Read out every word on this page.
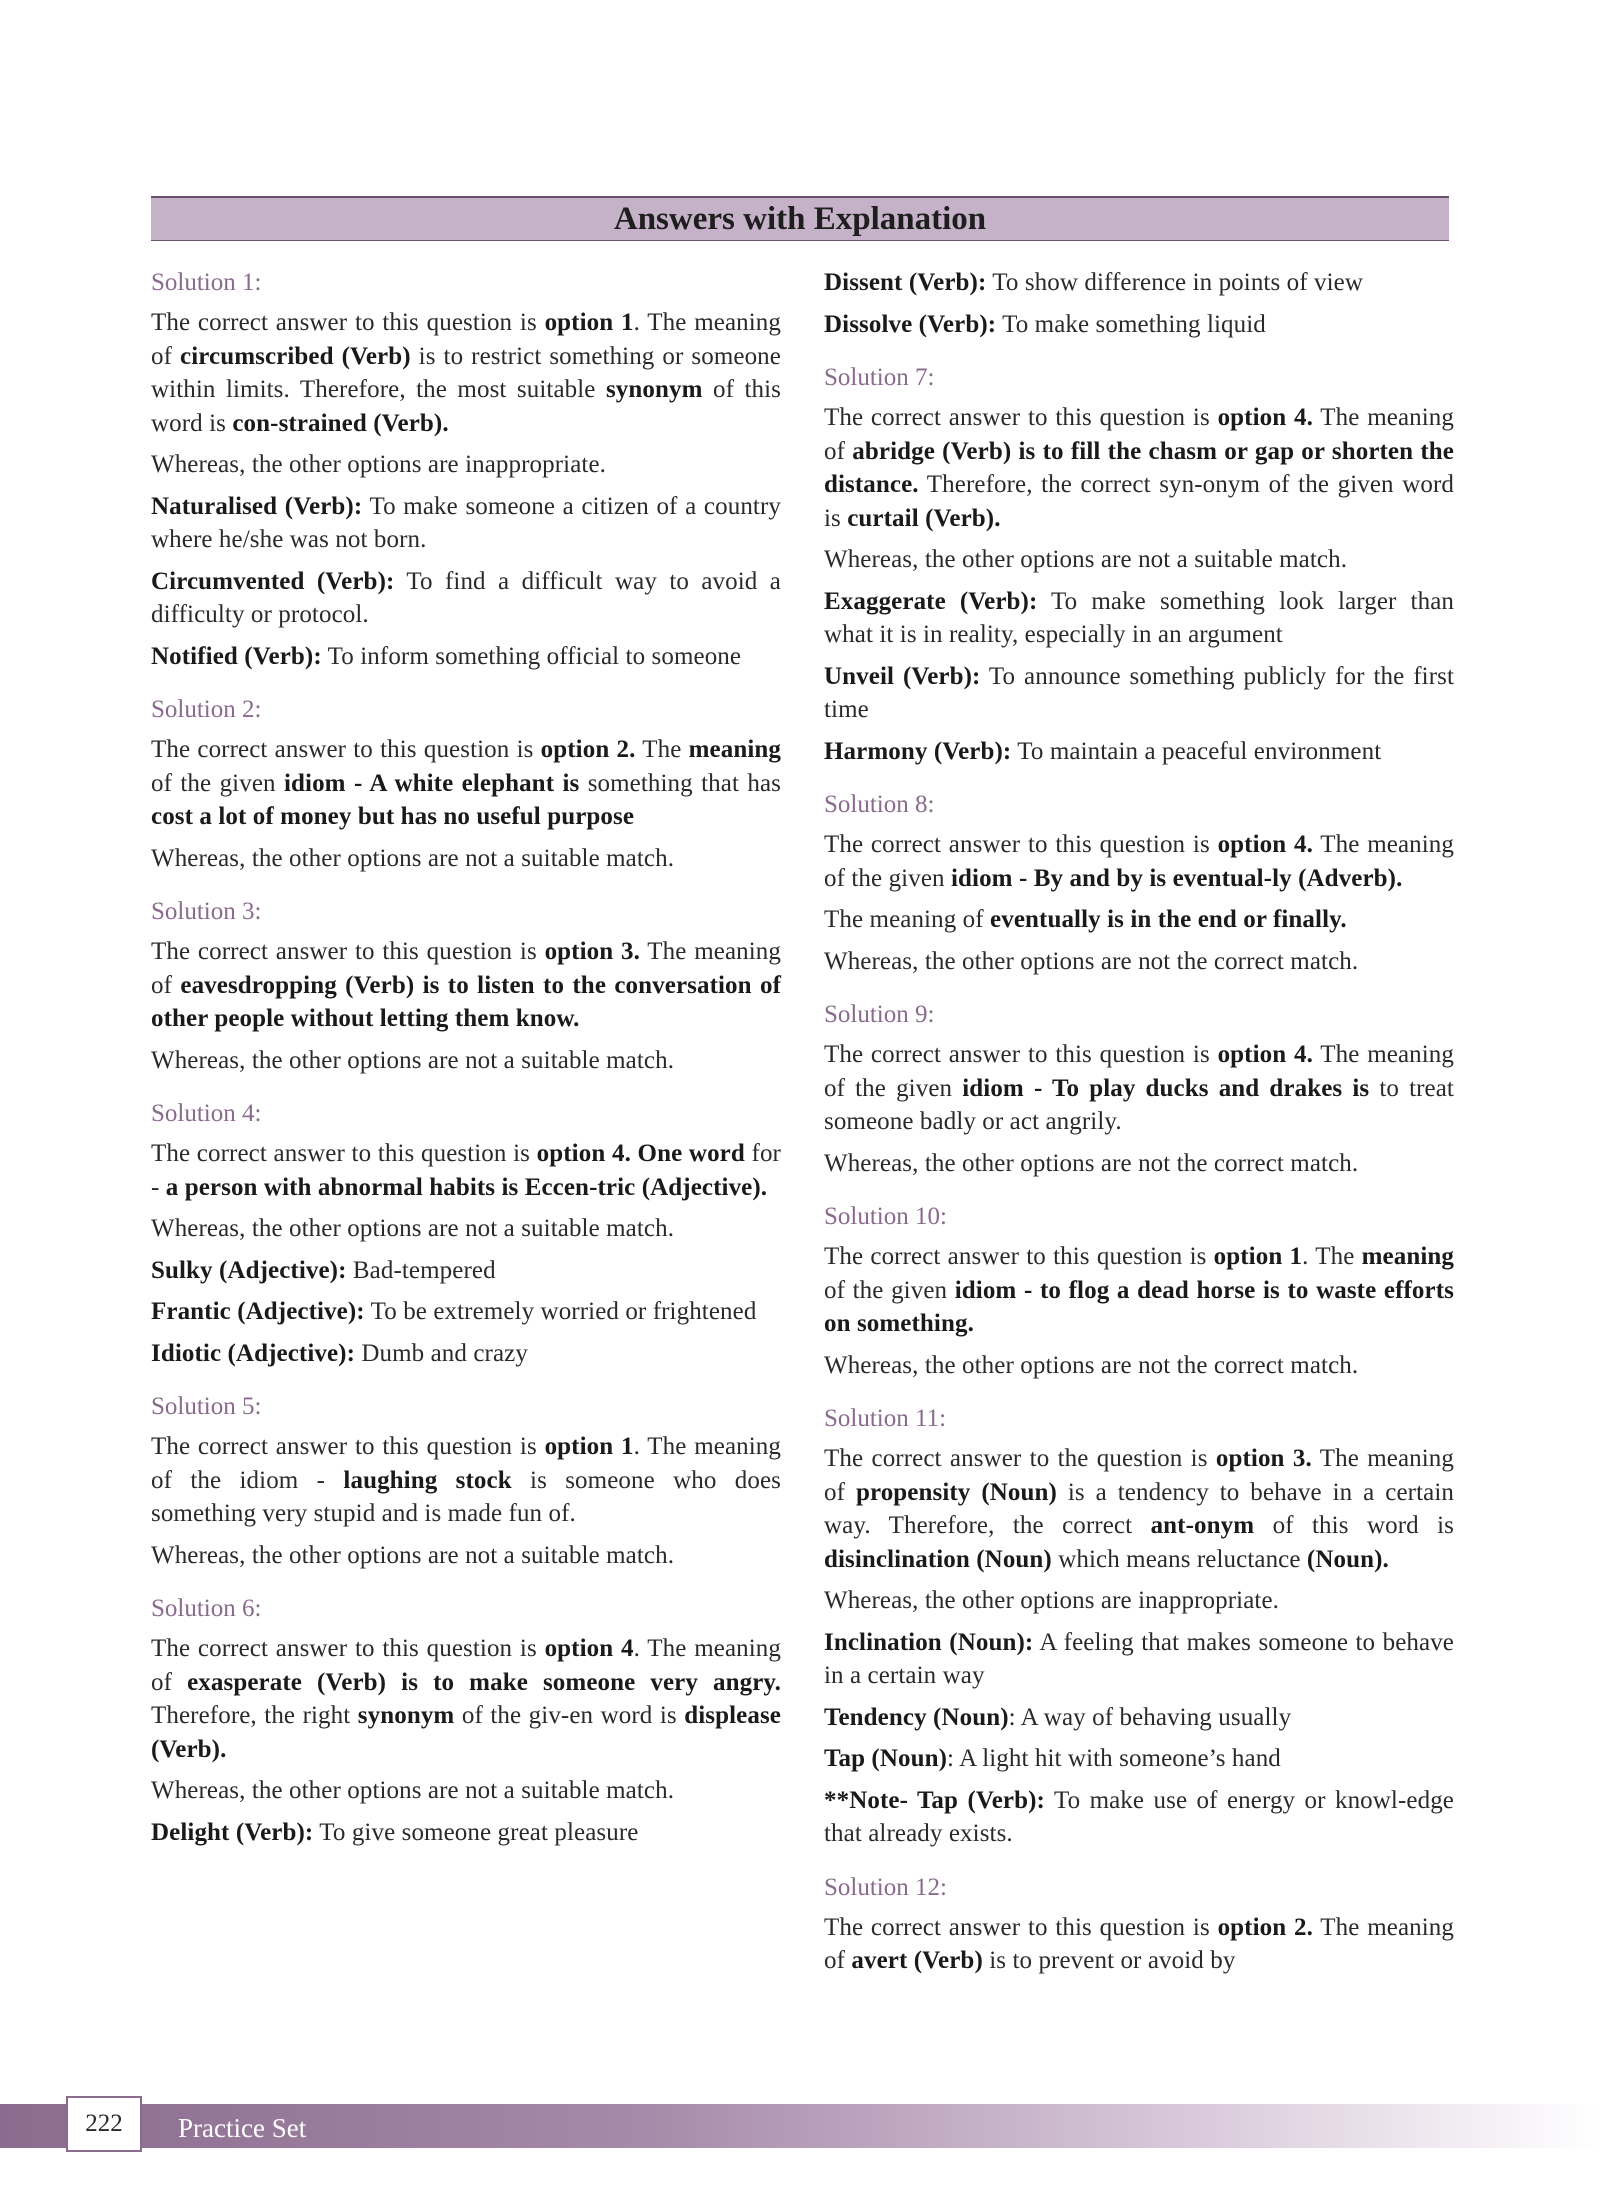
Answers with Explanation
Solution 1:
The correct answer to this question is option 1. The meaning of circumscribed (Verb) is to restrict something or someone within limits. Therefore, the most suitable synonym of this word is con-strained (Verb).
Whereas, the other options are inappropriate.
Naturalised (Verb): To make someone a citizen of a country where he/she was not born.
Circumvented (Verb): To find a difficult way to avoid a difficulty or protocol.
Notified (Verb): To inform something official to someone
Solution 2:
The correct answer to this question is option 2. The meaning of the given idiom - A white elephant is something that has cost a lot of money but has no useful purpose
Whereas, the other options are not a suitable match.
Solution 3:
The correct answer to this question is option 3. The meaning of eavesdropping (Verb) is to listen to the conversation of other people without letting them know.
Whereas, the other options are not a suitable match.
Solution 4:
The correct answer to this question is option 4. One word for - a person with abnormal habits is Eccen-tric (Adjective).
Whereas, the other options are not a suitable match.
Sulky (Adjective): Bad-tempered
Frantic (Adjective): To be extremely worried or frightened
Idiotic (Adjective): Dumb and crazy
Solution 5:
The correct answer to this question is option 1. The meaning of the idiom - laughing stock is someone who does something very stupid and is made fun of.
Whereas, the other options are not a suitable match.
Solution 6:
The correct answer to this question is option 4. The meaning of exasperate (Verb) is to make someone very angry. Therefore, the right synonym of the giv-en word is displease (Verb).
Whereas, the other options are not a suitable match.
Delight (Verb): To give someone great pleasure
Dissent (Verb): To show difference in points of view
Dissolve (Verb): To make something liquid
Solution 7:
The correct answer to this question is option 4. The meaning of abridge (Verb) is to fill the chasm or gap or shorten the distance. Therefore, the correct syn-onym of the given word is curtail (Verb).
Whereas, the other options are not a suitable match.
Exaggerate (Verb): To make something look larger than what it is in reality, especially in an argument
Unveil (Verb): To announce something publicly for the first time
Harmony (Verb): To maintain a peaceful environment
Solution 8:
The correct answer to this question is option 4. The meaning of the given idiom - By and by is eventual-ly (Adverb).
The meaning of eventually is in the end or finally.
Whereas, the other options are not the correct match.
Solution 9:
The correct answer to this question is option 4. The meaning of the given idiom - To play ducks and drakes is to treat someone badly or act angrily.
Whereas, the other options are not the correct match.
Solution 10:
The correct answer to this question is option 1. The meaning of the given idiom - to flog a dead horse is to waste efforts on something.
Whereas, the other options are not the correct match.
Solution 11:
The correct answer to the question is option 3. The meaning of propensity (Noun) is a tendency to behave in a certain way. Therefore, the correct ant-onym of this word is disinclination (Noun) which means reluctance (Noun).
Whereas, the other options are inappropriate.
Inclination (Noun): A feeling that makes someone to behave in a certain way
Tendency (Noun): A way of behaving usually
Tap (Noun): A light hit with someone’s hand
**Note- Tap (Verb): To make use of energy or knowl-edge that already exists.
Solution 12:
The correct answer to this question is option 2. The meaning of avert (Verb) is to prevent or avoid by
222	Practice Set
